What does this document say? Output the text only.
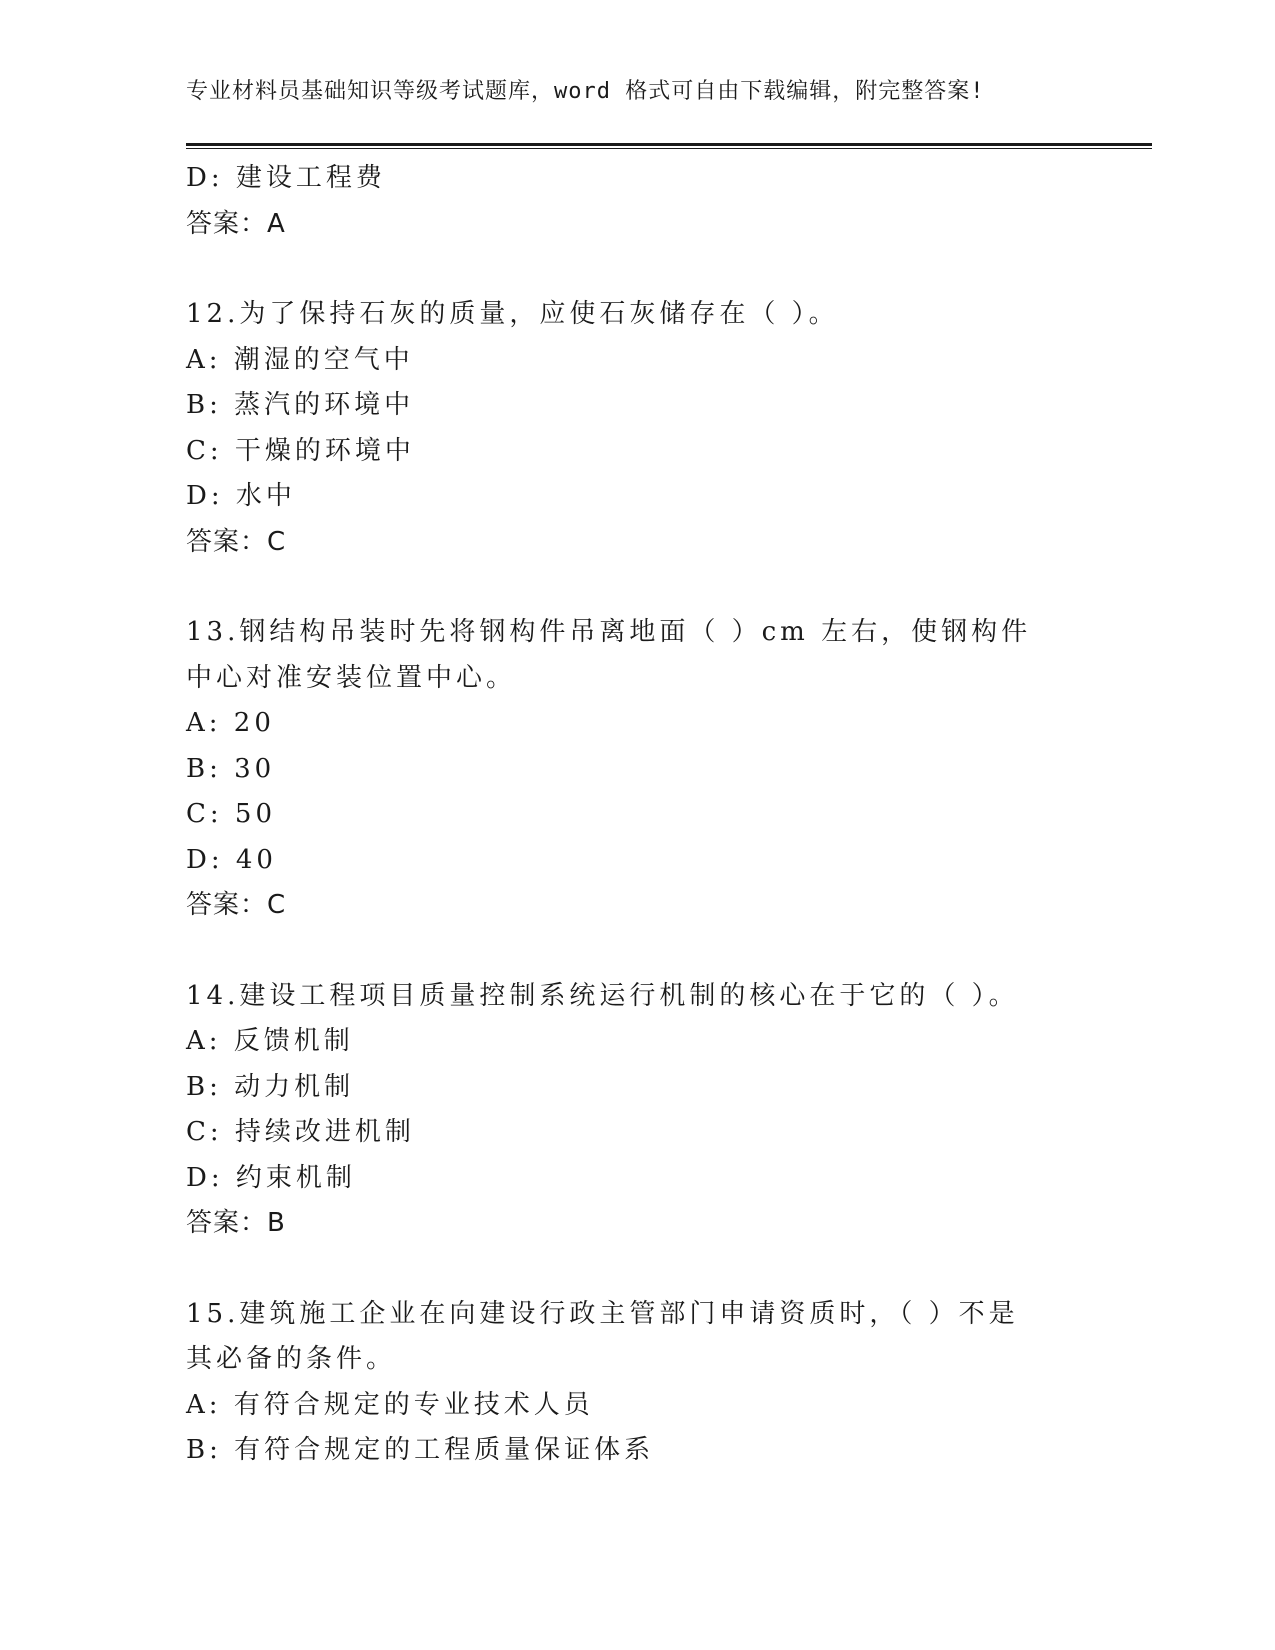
专业材料员基础知识等级考试题库，word 格式可自由下载编辑，附完整答案!
D: 建设工程费
答案：A
12.为了保持石灰的质量，应使石灰储存在（ ）。
A: 潮湿的空气中
B: 蒸汽的环境中
C: 干燥的环境中
D: 水中
答案：C
13.钢结构吊装时先将钢构件吊离地面（ ）cm 左右，使钢构件中心对准安装位置中心。
A: 20
B: 30
C: 50
D: 40
答案：C
14.建设工程项目质量控制系统运行机制的核心在于它的（ ）。
A: 反馈机制
B: 动力机制
C: 持续改进机制
D: 约束机制
答案：B
15.建筑施工企业在向建设行政主管部门申请资质时，（ ）不是其必备的条件。
A: 有符合规定的专业技术人员
B: 有符合规定的工程质量保证体系
